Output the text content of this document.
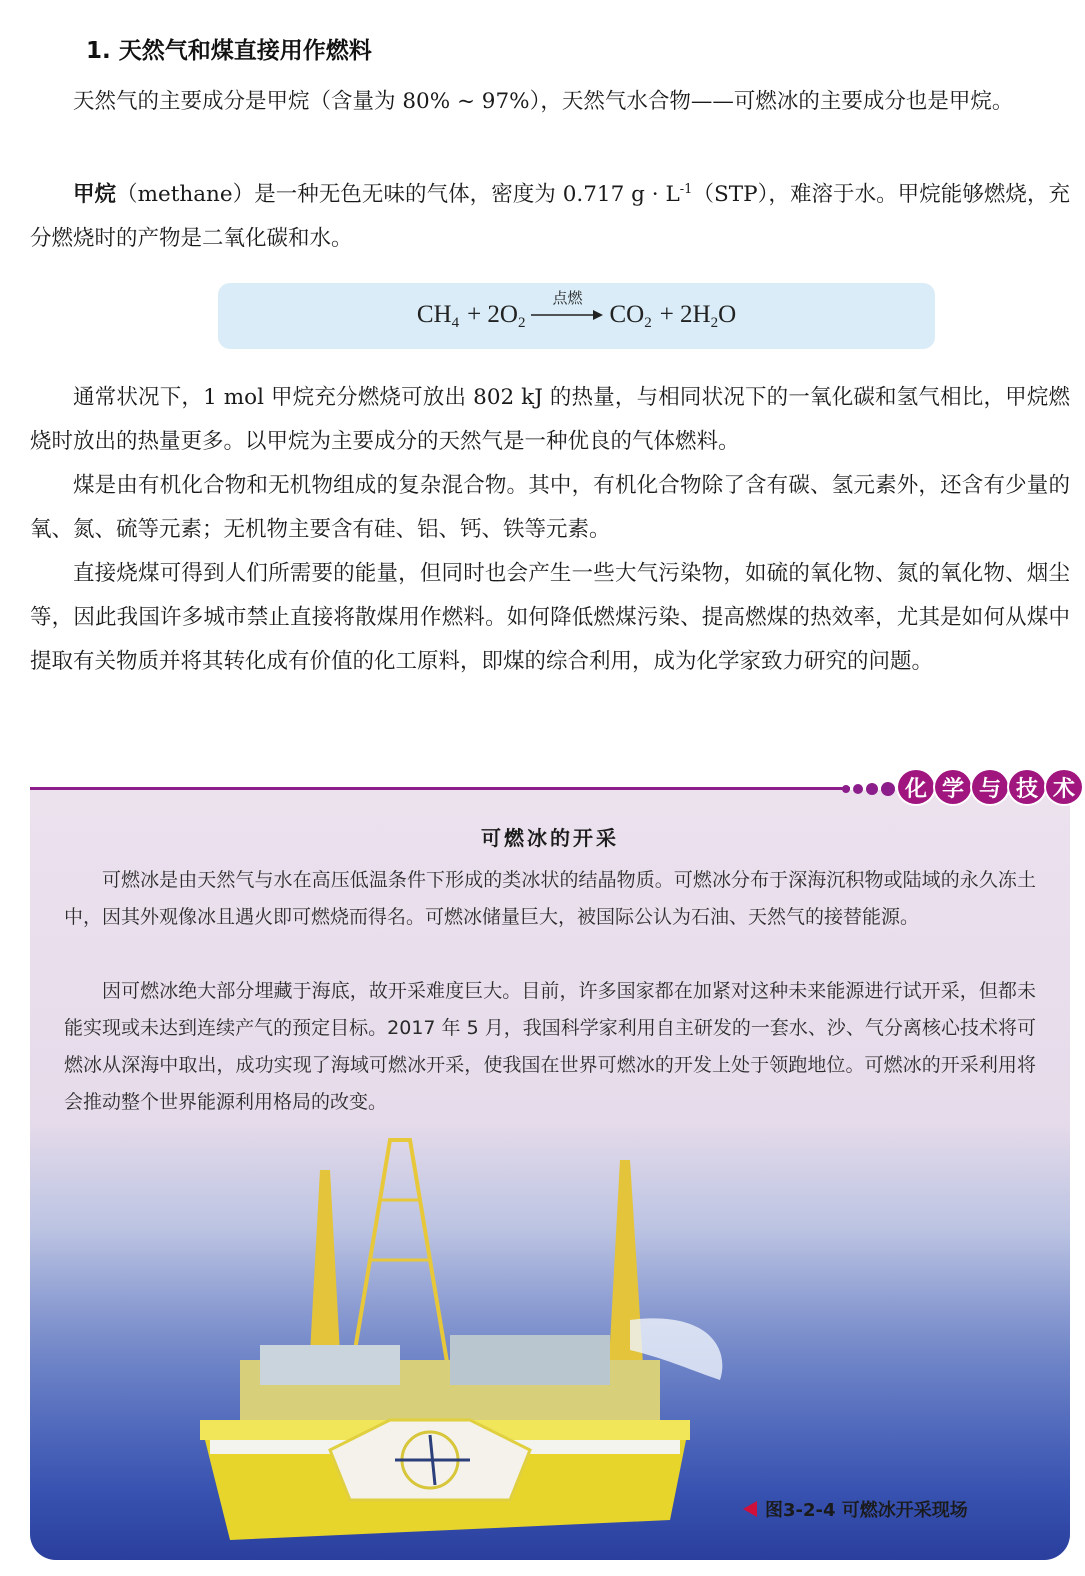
1. 天然气和煤直接用作燃料

天然气的主要成分是甲烷（含量为 80% ~ 97%），天然气水合物——可燃冰的主要成分也是甲烷。

甲烷（methane）是一种无色无味的气体，密度为 0.717 $g \cdot L^{-1}(STP)$，难溶于水。甲烷能够燃烧，充分燃烧时的产物是二氧化碳和水。

$CH_4 + 2O_2$
点燃
$CO_2 + 2H_2O$

通常状况下，1 mol 甲烷充分燃烧可放出 802 kJ 的热量，与相同状况下的一氧化碳和氢气相比，甲烷燃烧时放出的热量更多。以甲烷为主要成分的天然气是一种优良的气体燃料。

煤是由有机化合物和无机物组成的复杂混合物。其中，有机化合物除了含有碳、氢元素外，还含有少量的氧、氮、硫等元素；无机物主要含有硅、铝、钙、铁等元素。

直接烧煤可得到人们所需要的能量，但同时也会产生一些大气污染物，如硫的氧化物、氮的氧化物、烟尘等，因此我国许多城市禁止直接将散煤用作燃料。如何降低燃煤污染、提高燃煤的热效率，尤其是如何从煤中提取有关物质并将其转化成有价值的化工原料，即煤的综合利用，成为化学家致力研究的问题。

可燃冰的开采

可燃冰是由天然气与水在高压低温条件下形成的类冰状的结晶物质。可燃冰分布于深海沉积物或陆域的永久冻土中，因其外观像冰且遇火即可燃烧而得名。可燃冰储量巨大，被国际公认为石油、天然气的接替能源。

因可燃冰绝大部分埋藏于海底，故开采难度巨大。目前，许多国家都在加紧对这种未来能源进行试开采，但都未能实现或未达到连续产气的预定目标。2017 年 5 月，我国科学家利用自主研发的一套水、沙、气分离核心技术将可燃冰从深海中取出，成功实现了海域可燃冰开采，使我国在世界可燃冰的开发上处于领跑地位。可燃冰的开采利用将会推动整个世界能源利用格局的改变。

图3-2-4 可燃冰开采现场
化 学 与 技 术
